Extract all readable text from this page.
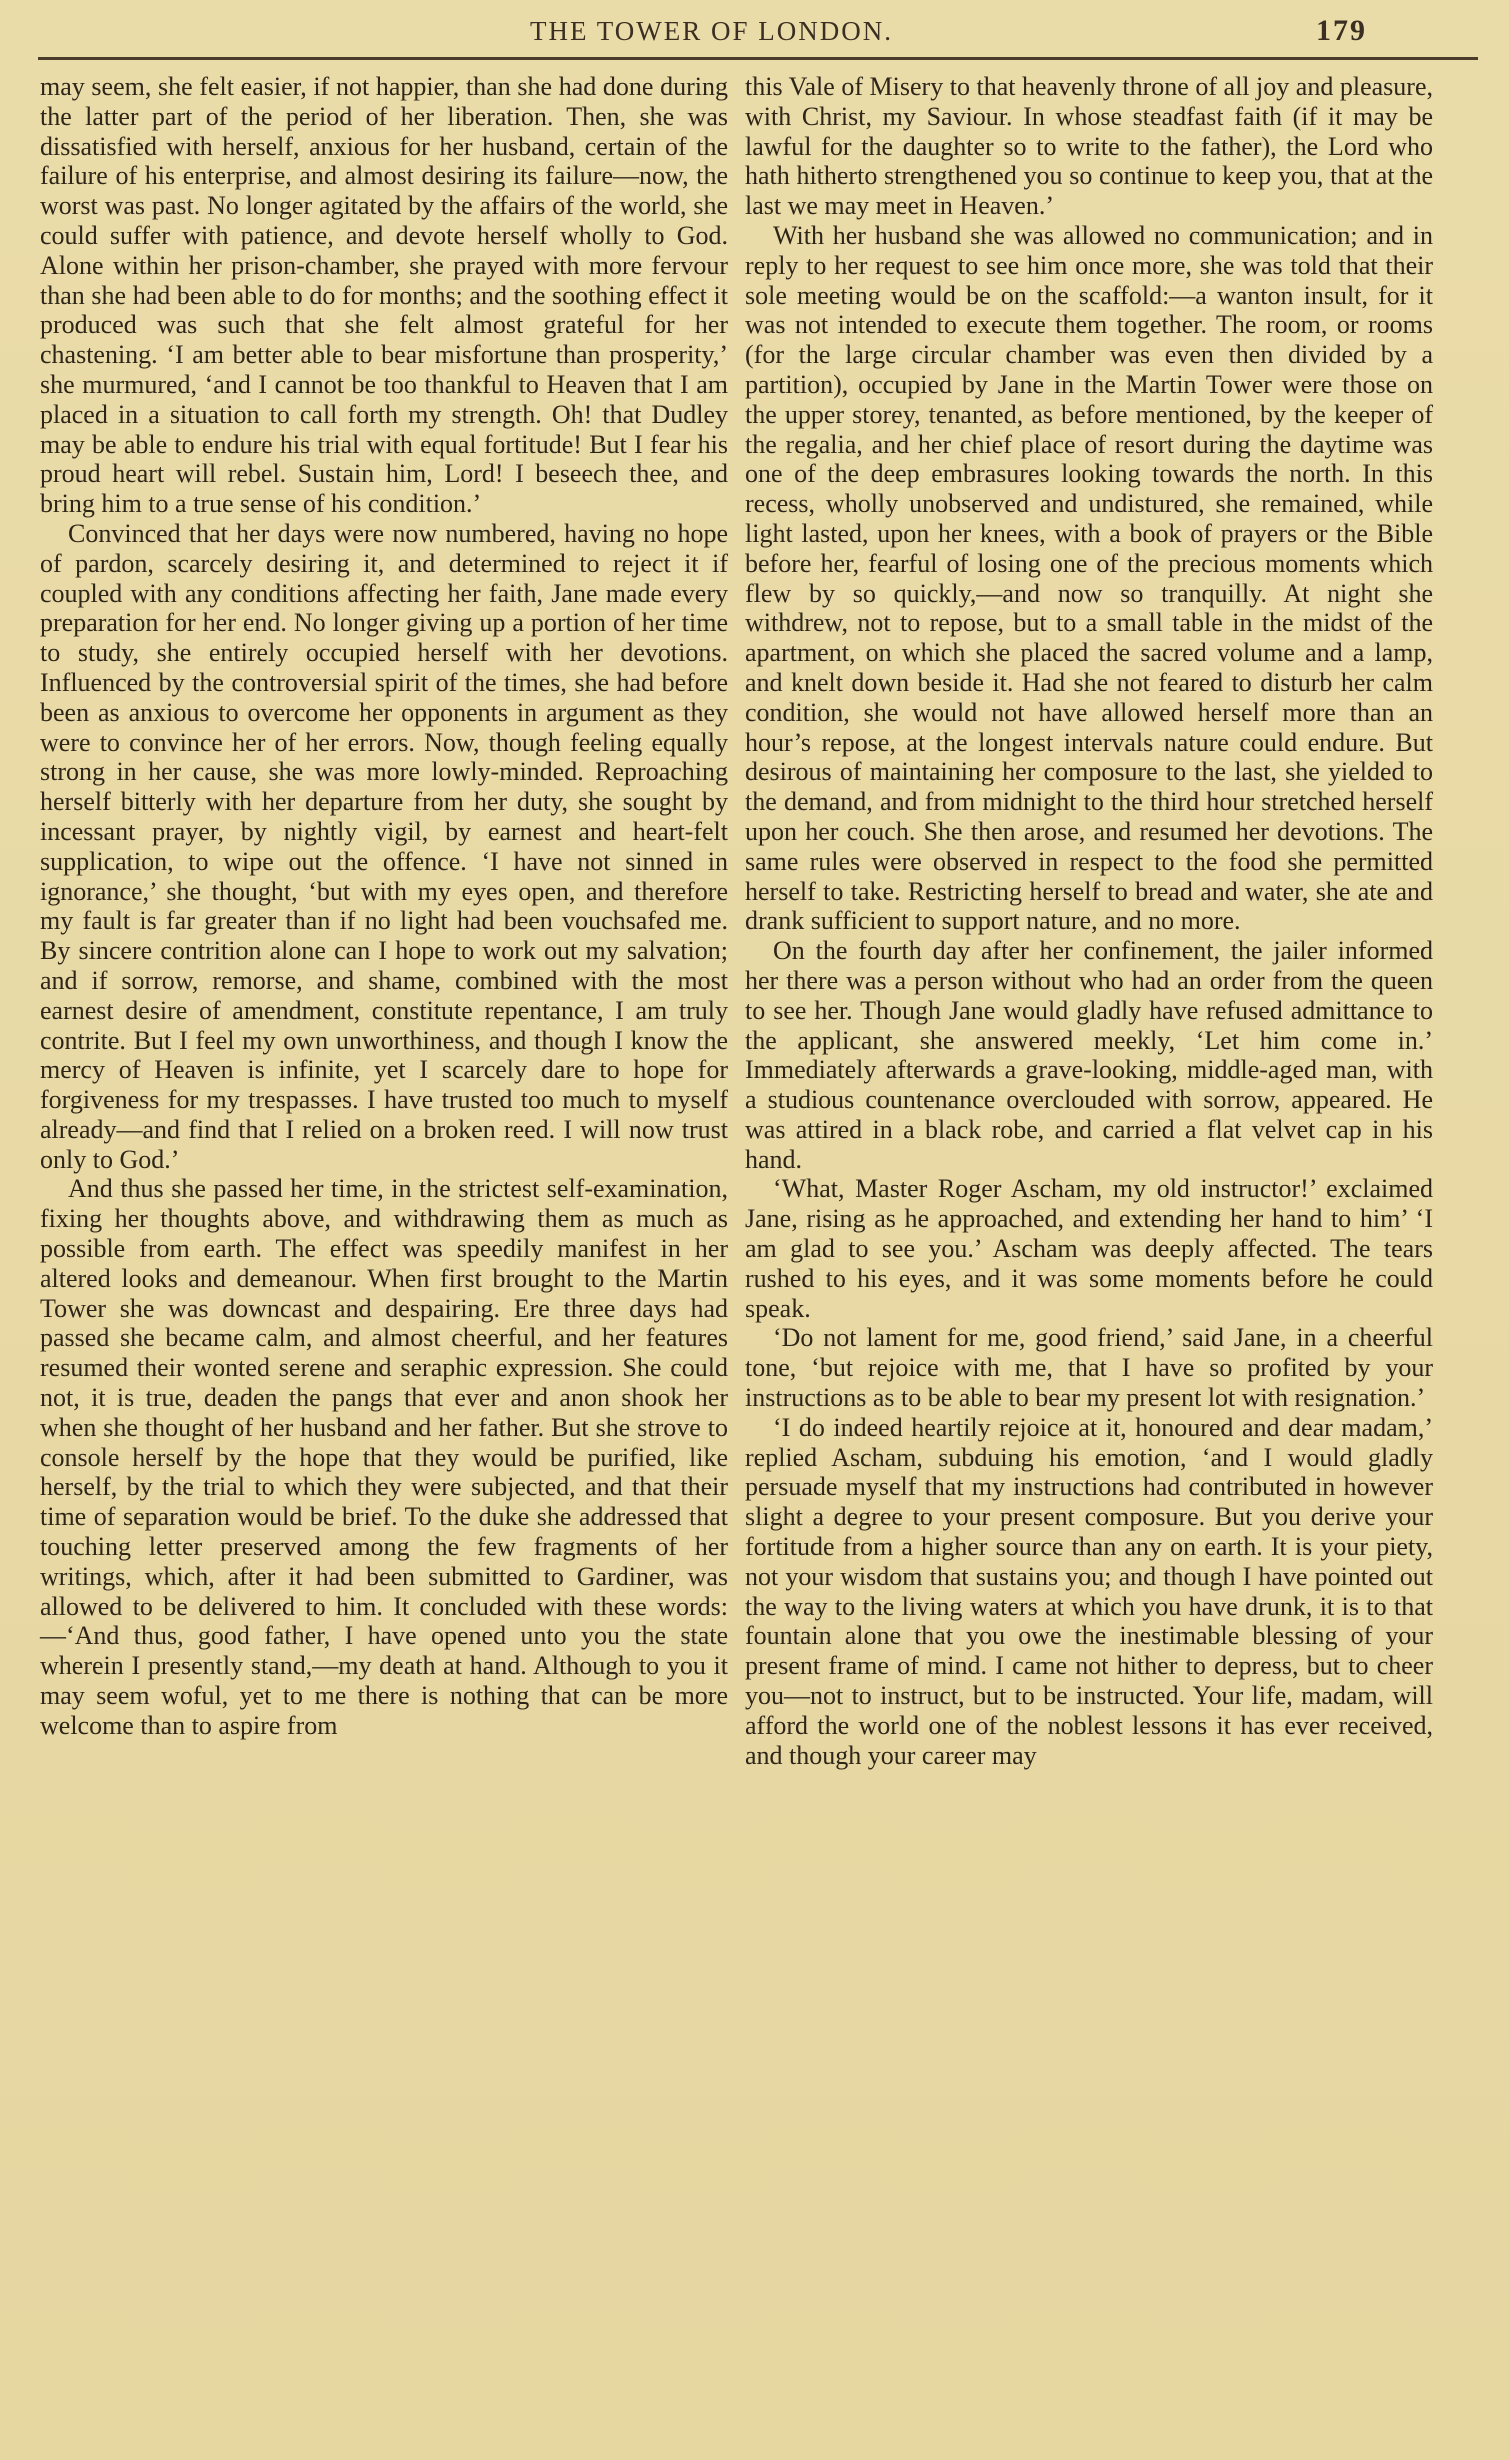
THE TOWER OF LONDON.	179

may seem, she felt easier, if not happier, than she had done during the latter part of the period of her liberation. Then, she was dissatisfied with herself, anxious for her husband, certain of the failure of his enterprise, and almost desiring its failure—now, the worst was past. No longer agitated by the affairs of the world, she could suffer with patience, and devote herself wholly to God. Alone within her prison-chamber, she prayed with more fervour than she had been able to do for months; and the soothing effect it produced was such that she felt almost grateful for her chastening. ‘I am better able to bear misfortune than prosperity,’ she murmured, ‘and I cannot be too thankful to Heaven that I am placed in a situation to call forth my strength. Oh! that Dudley may be able to endure his trial with equal fortitude! But I fear his proud heart will rebel. Sustain him, Lord! I beseech thee, and bring him to a true sense of his condition.’

Convinced that her days were now numbered, having no hope of pardon, scarcely desiring it, and determined to reject it if coupled with any conditions affecting her faith, Jane made every preparation for her end. No longer giving up a portion of her time to study, she entirely occupied herself with her devotions. Influenced by the controversial spirit of the times, she had before been as anxious to overcome her opponents in argument as they were to convince her of her errors. Now, though feeling equally strong in her cause, she was more lowly-minded. Reproaching herself bitterly with her departure from her duty, she sought by incessant prayer, by nightly vigil, by earnest and heart-felt supplication, to wipe out the offence. ‘I have not sinned in ignorance,’ she thought, ‘but with my eyes open, and therefore my fault is far greater than if no light had been vouchsafed me. By sincere contrition alone can I hope to work out my salvation; and if sorrow, remorse, and shame, combined with the most earnest desire of amendment, constitute repentance, I am truly contrite. But I feel my own unworthiness, and though I know the mercy of Heaven is infinite, yet I scarcely dare to hope for forgiveness for my trespasses. I have trusted too much to myself already—and find that I relied on a broken reed. I will now trust only to God.’

And thus she passed her time, in the strictest self-examination, fixing her thoughts above, and withdrawing them as much as possible from earth. The effect was speedily manifest in her altered looks and demeanour. When first brought to the Martin Tower she was downcast and despairing. Ere three days had passed she became calm, and almost cheerful, and her features resumed their wonted serene and seraphic expression. She could not, it is true, deaden the pangs that ever and anon shook her when she thought of her husband and her father. But she strove to console herself by the hope that they would be purified, like herself, by the trial to which they were subjected, and that their time of separation would be brief. To the duke she addressed that touching letter preserved among the few fragments of her writings, which, after it had been submitted to Gardiner, was allowed to be delivered to him. It concluded with these words:—‘And thus, good father, I have opened unto you the state wherein I presently stand,—my death at hand. Although to you it may seem woful, yet to me there is nothing that can be more welcome than to aspire from

this Vale of Misery to that heavenly throne of all joy and pleasure, with Christ, my Saviour. In whose steadfast faith (if it may be lawful for the daughter so to write to the father), the Lord who hath hitherto strengthened you so continue to keep you, that at the last we may meet in Heaven.’

With her husband she was allowed no communication; and in reply to her request to see him once more, she was told that their sole meeting would be on the scaffold:—a wanton insult, for it was not intended to execute them together. The room, or rooms (for the large circular chamber was even then divided by a partition), occupied by Jane in the Martin Tower were those on the upper storey, tenanted, as before mentioned, by the keeper of the regalia, and her chief place of resort during the daytime was one of the deep embrasures looking towards the north. In this recess, wholly unobserved and undistured, she remained, while light lasted, upon her knees, with a book of prayers or the Bible before her, fearful of losing one of the precious moments which flew by so quickly,—and now so tranquilly. At night she withdrew, not to repose, but to a small table in the midst of the apartment, on which she placed the sacred volume and a lamp, and knelt down beside it. Had she not feared to disturb her calm condition, she would not have allowed herself more than an hour’s repose, at the longest intervals nature could endure. But desirous of maintaining her composure to the last, she yielded to the demand, and from midnight to the third hour stretched herself upon her couch. She then arose, and resumed her devotions. The same rules were observed in respect to the food she permitted herself to take. Restricting herself to bread and water, she ate and drank sufficient to support nature, and no more.

On the fourth day after her confinement, the jailer informed her there was a person without who had an order from the queen to see her. Though Jane would gladly have refused admittance to the applicant, she answered meekly, ‘Let him come in.’ Immediately afterwards a grave-looking, middle-aged man, with a studious countenance overclouded with sorrow, appeared. He was attired in a black robe, and carried a flat velvet cap in his hand.

‘What, Master Roger Ascham, my old instructor!’ exclaimed Jane, rising as he approached, and extending her hand to him’ ‘I am glad to see you.’ Ascham was deeply affected. The tears rushed to his eyes, and it was some moments before he could speak.

‘Do not lament for me, good friend,’ said Jane, in a cheerful tone, ‘but rejoice with me, that I have so profited by your instructions as to be able to bear my present lot with resignation.’

‘I do indeed heartily rejoice at it, honoured and dear madam,’ replied Ascham, subduing his emotion, ‘and I would gladly persuade myself that my instructions had contributed in however slight a degree to your present composure. But you derive your fortitude from a higher source than any on earth. It is your piety, not your wisdom that sustains you; and though I have pointed out the way to the living waters at which you have drunk, it is to that fountain alone that you owe the inestimable blessing of your present frame of mind. I came not hither to depress, but to cheer you—not to instruct, but to be instructed. Your life, madam, will afford the world one of the noblest lessons it has ever received, and though your career may
